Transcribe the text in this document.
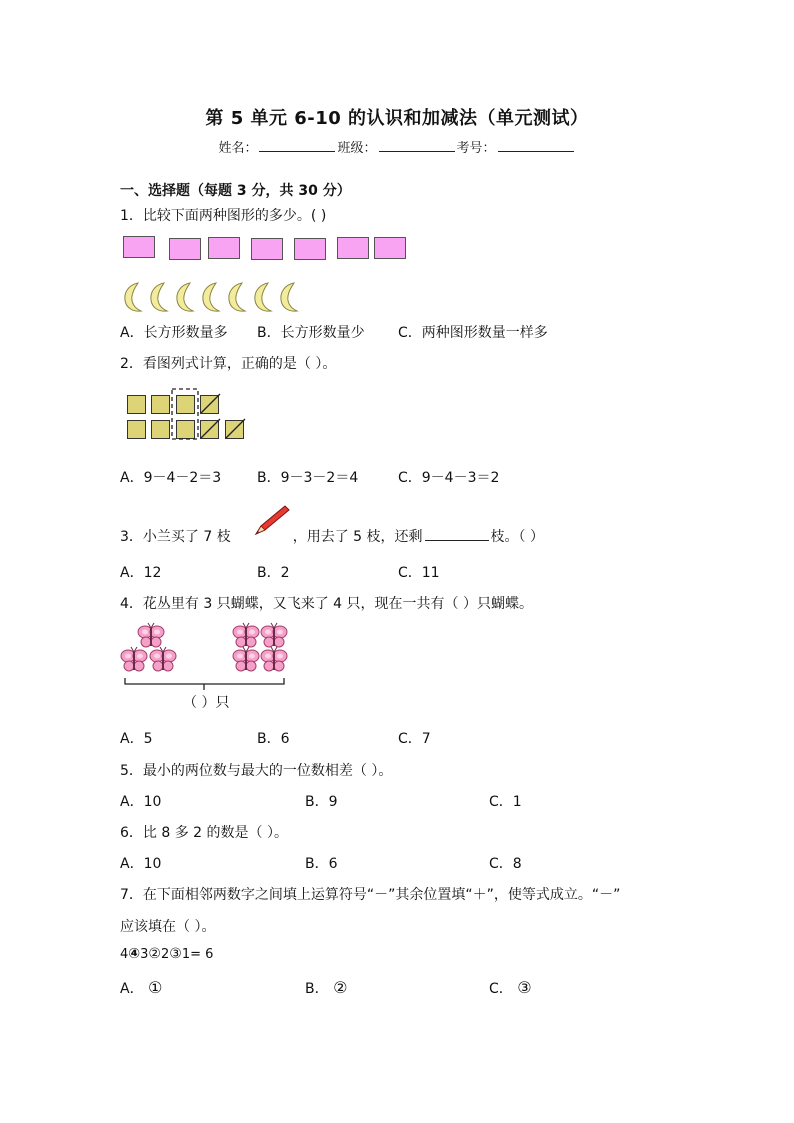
第 5 单元 6-10 的认识和加减法（单元测试）
姓名：	班级：	考号：
一、选择题（每题 3 分，共 30 分）
1．比较下面两种图形的多少。( )
A．长方形数量多 B．长方形数量少 C．两种图形数量一样多
2．看图列式计算，正确的是（ ）。
A．9－4－2＝3	B．9－3－2＝4	C．9－4－3＝2
3．小兰买了 7 枝	，用去了 5 枝，还剩	枝。（ ）
A．12	B．2	C．11
4．花丛里有 3 只蝴蝶，又飞来了 4 只，现在一共有（ ）只蝴蝶。
（ ）只
A．5	B．6	C．7
5．最小的两位数与最大的一位数相差（ ）。
A．10	B．9	C．1
6．比 8 多 2 的数是（ ）。
A．10	B．6	C．8
7．在下面相邻两数字之间填上运算符号“－”其余位置填“＋”，使等式成立。“－”
应该填在（ ）。
4④3②2③1= 6
A． ①	B． ②	C． ③
